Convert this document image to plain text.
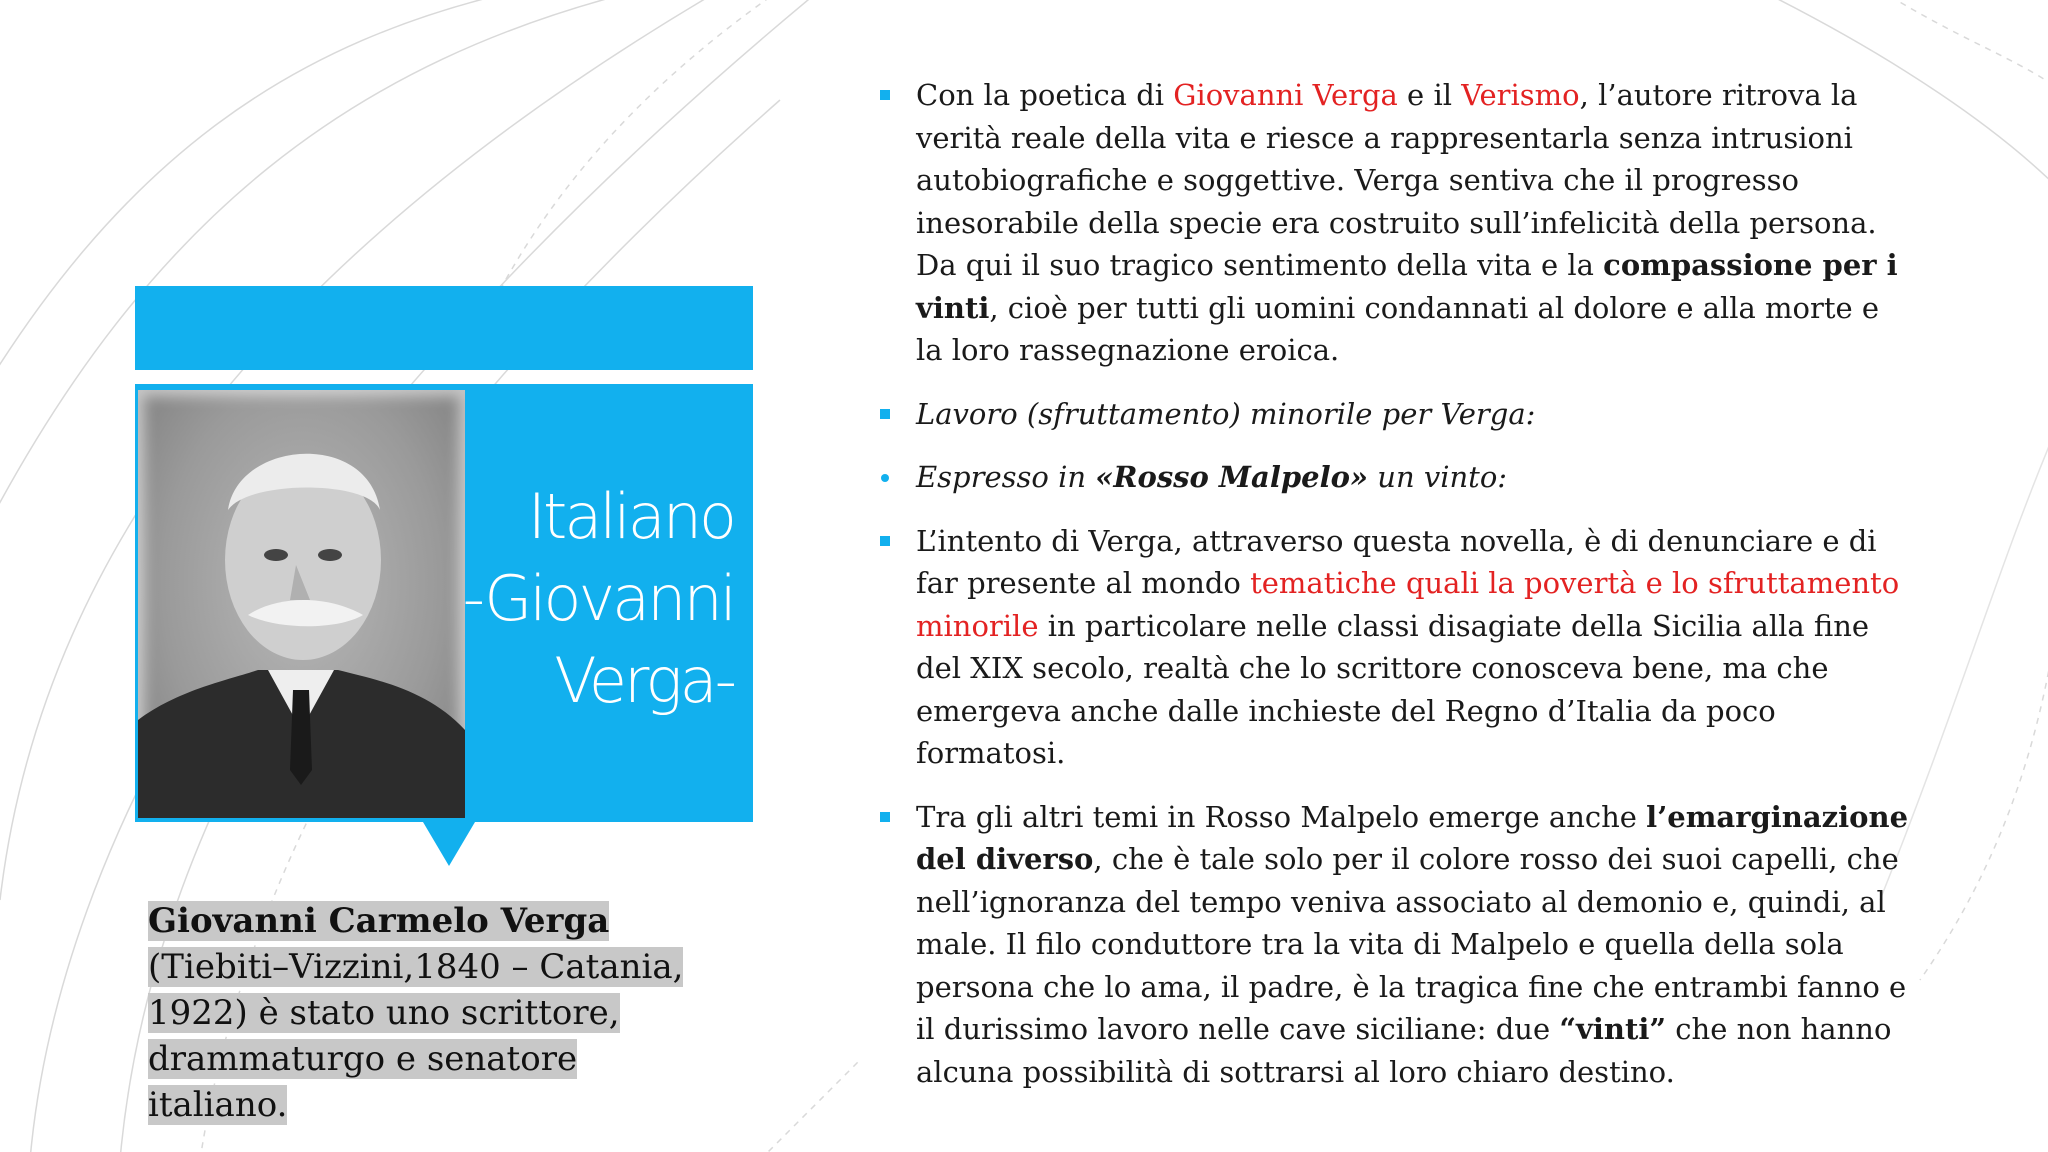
Italiano
-Giovanni
Verga-
Giovanni Carmelo Verga
(Tiebiti–Vizzini,1840 – Catania,
1922) è stato uno scrittore,
drammaturgo e senatore
italiano.
Con la poetica di Giovanni Verga e il Verismo, l’autore ritrova la verità reale della vita e riesce a rappresentarla senza intrusioni autobiografiche e soggettive. Verga sentiva che il progresso inesorabile della specie era costruito sull’infelicità della persona. Da qui il suo tragico sentimento della vita e la compassione per i vinti, cioè per tutti gli uomini condannati al dolore e alla morte e la loro rassegnazione eroica.
Lavoro (sfruttamento) minorile per Verga:
Espresso in «Rosso Malpelo» un vinto:
L’intento di Verga, attraverso questa novella, è di denunciare e di far presente al mondo tematiche quali la povertà e lo sfruttamento minorile in particolare nelle classi disagiate della Sicilia alla fine del XIX secolo, realtà che lo scrittore conosceva bene, ma che emergeva anche dalle inchieste del Regno d’Italia da poco formatosi.
Tra gli altri temi in Rosso Malpelo emerge anche l’emarginazione del diverso, che è tale solo per il colore rosso dei suoi capelli, che nell’ignoranza del tempo veniva associato al demonio e, quindi, al male. Il filo conduttore tra la vita di Malpelo e quella della sola persona che lo ama, il padre, è la tragica fine che entrambi fanno e il durissimo lavoro nelle cave siciliane: due “vinti” che non hanno alcuna possibilità di sottrarsi al loro chiaro destino.
